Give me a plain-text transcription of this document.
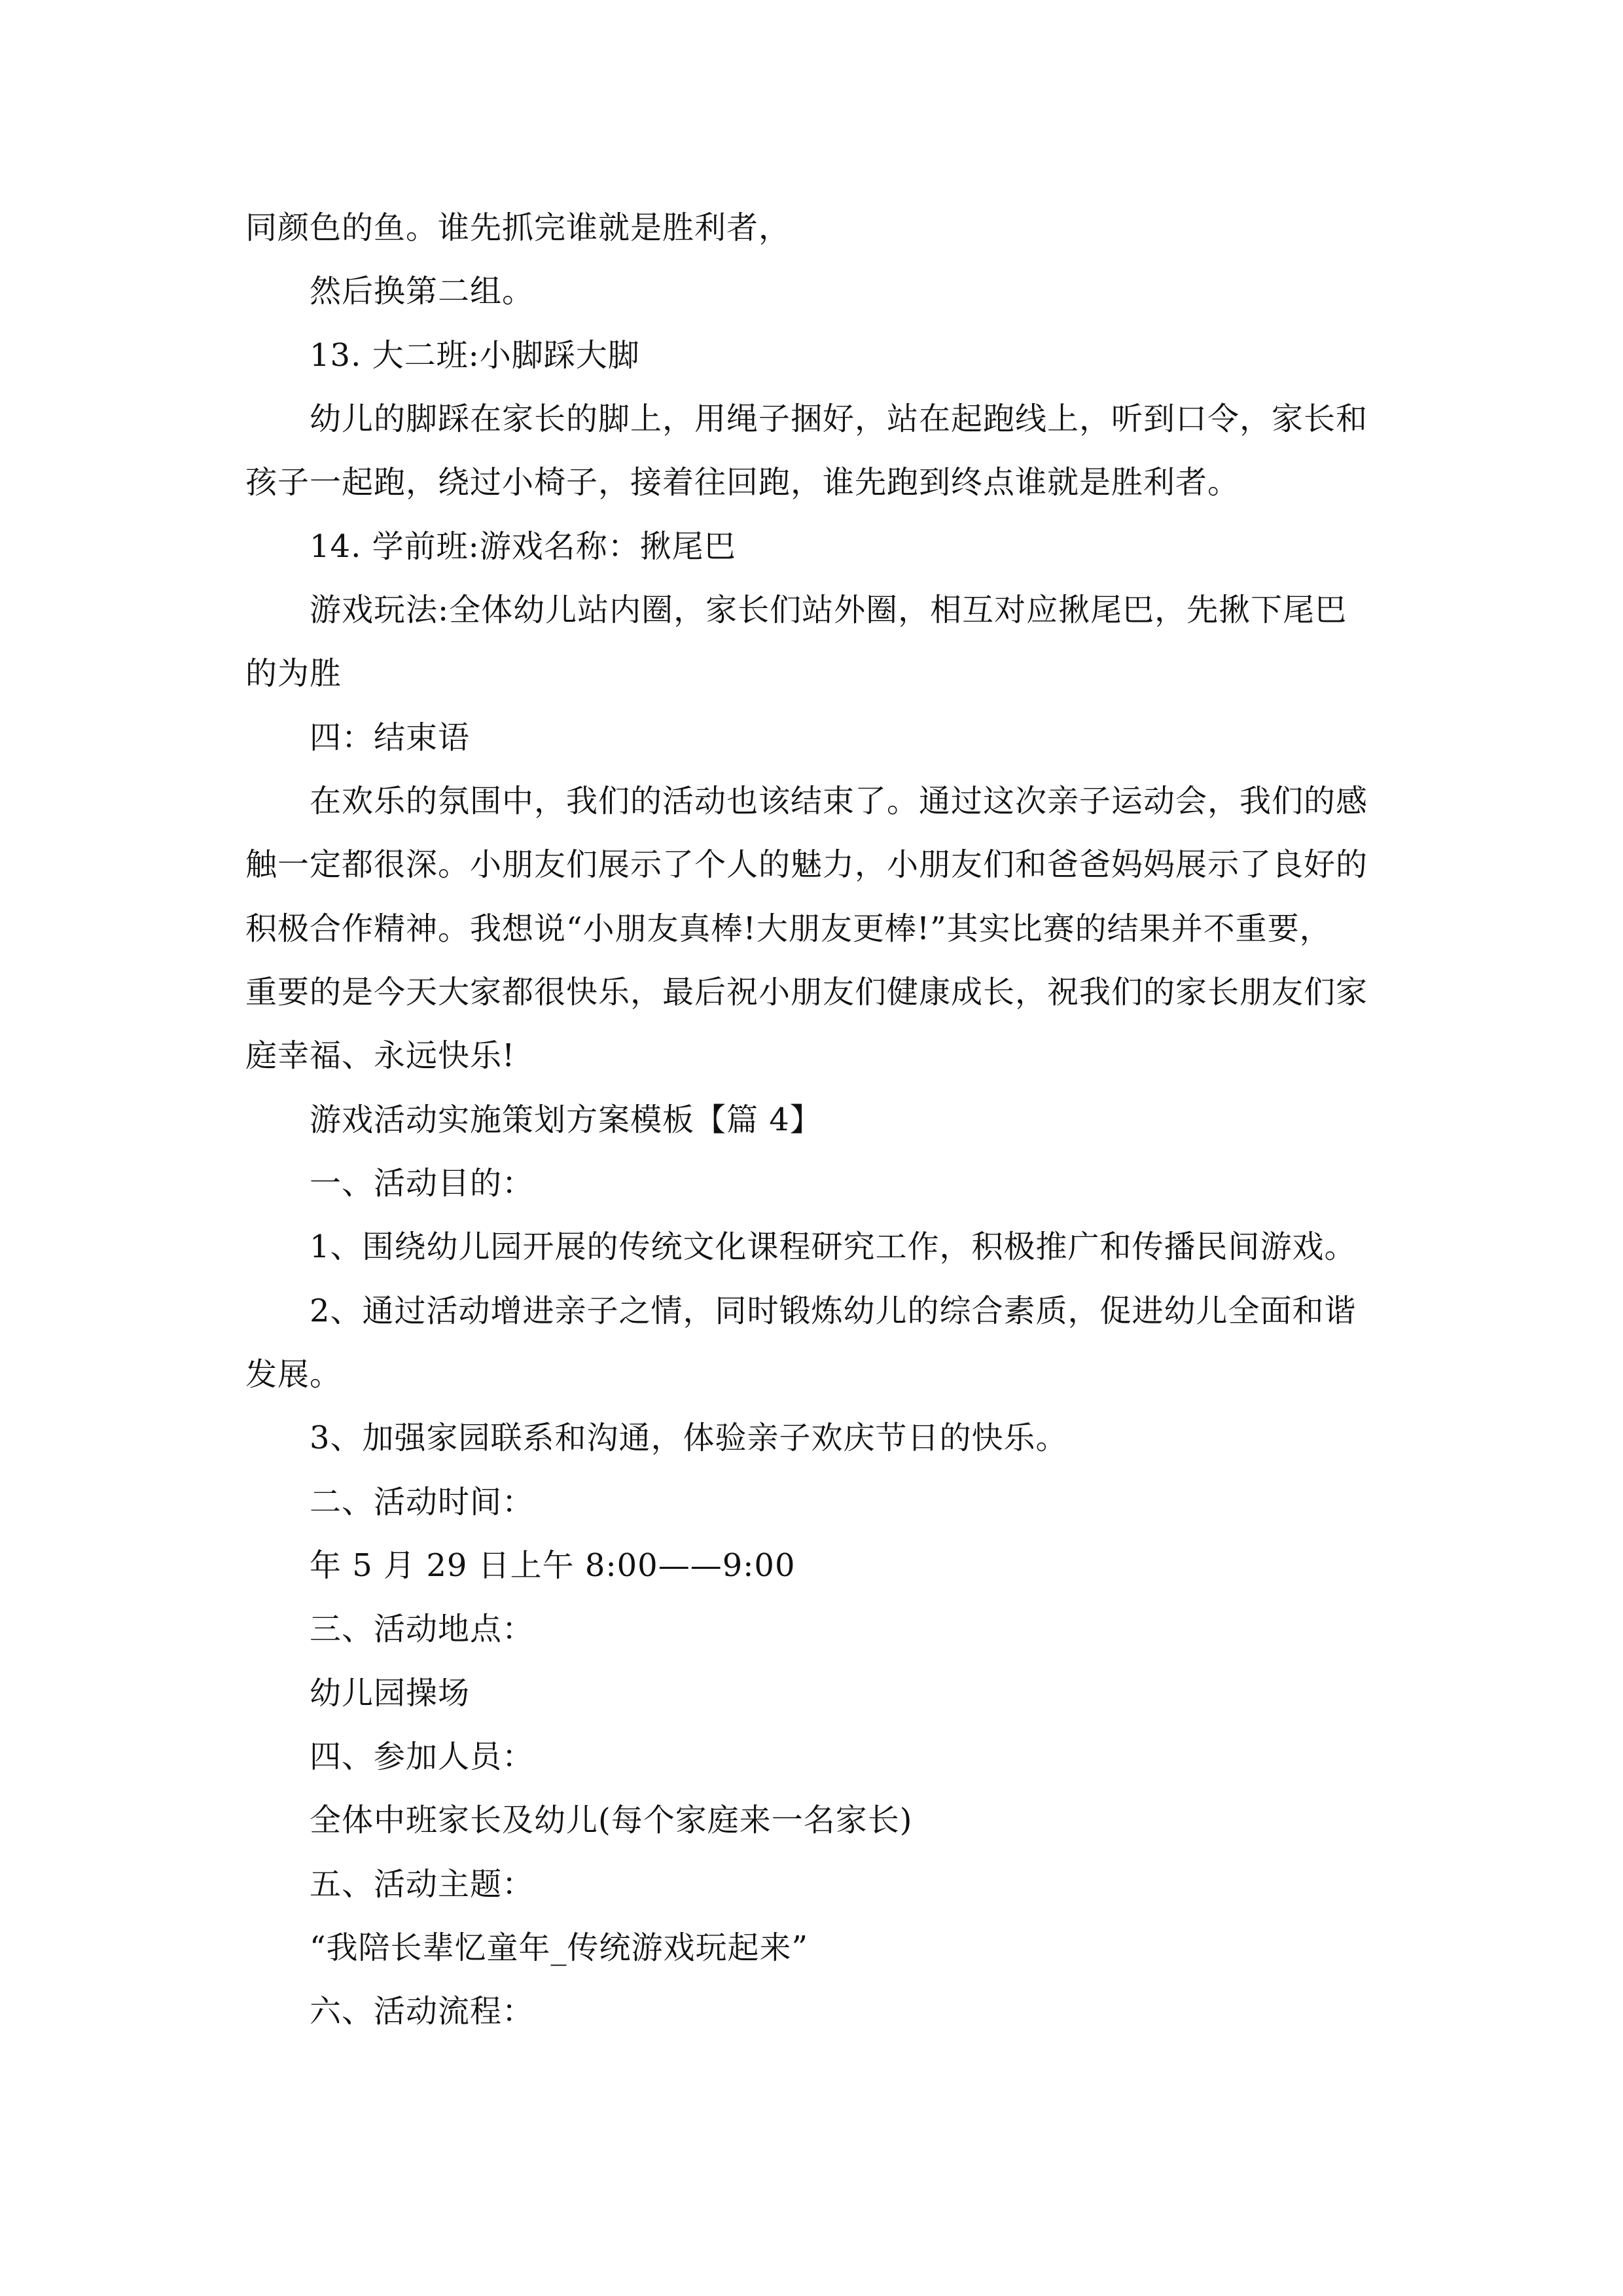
同颜色的鱼。谁先抓完谁就是胜利者，
然后换第二组。
13. 大二班:小脚踩大脚
幼儿的脚踩在家长的脚上，用绳子捆好，站在起跑线上，听到口令，家长和
孩子一起跑，绕过小椅子，接着往回跑，谁先跑到终点谁就是胜利者。
14. 学前班:游戏名称：揪尾巴
游戏玩法:全体幼儿站内圈，家长们站外圈，相互对应揪尾巴，先揪下尾巴
的为胜
四：结束语
在欢乐的氛围中，我们的活动也该结束了。通过这次亲子运动会，我们的感
触一定都很深。小朋友们展示了个人的魅力，小朋友们和爸爸妈妈展示了良好的
积极合作精神。我想说“小朋友真棒!大朋友更棒!”其实比赛的结果并不重要，
重要的是今天大家都很快乐，最后祝小朋友们健康成长，祝我们的家长朋友们家
庭幸福、永远快乐!
游戏活动实施策划方案模板【篇 4】
一、活动目的：
1、围绕幼儿园开展的传统文化课程研究工作，积极推广和传播民间游戏。
2、通过活动增进亲子之情，同时锻炼幼儿的综合素质，促进幼儿全面和谐
发展。
3、加强家园联系和沟通，体验亲子欢庆节日的快乐。
二、活动时间：
年 5 月 29 日上午 8:00——9:00
三、活动地点：
幼儿园操场
四、参加人员：
全体中班家长及幼儿(每个家庭来一名家长)
五、活动主题：
“我陪长辈忆童年_传统游戏玩起来”
六、活动流程：
